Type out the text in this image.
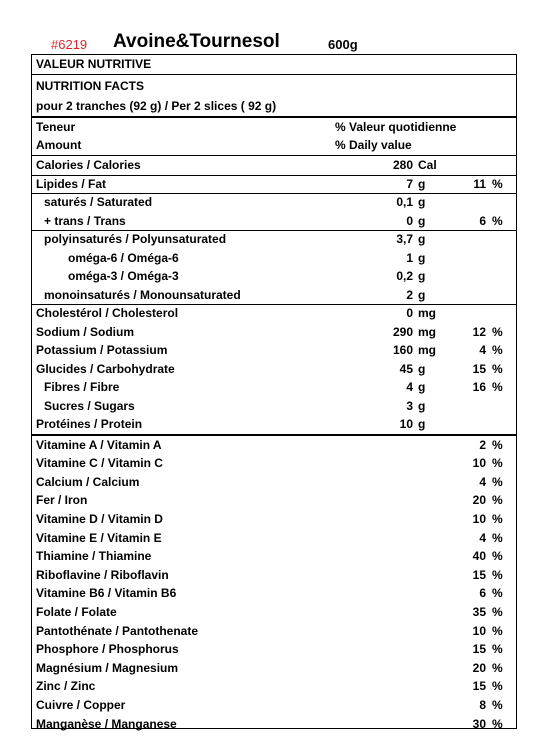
#6219 Avoine&Tournesol	600g
VALEUR NUTRITIVE
NUTRITION FACTS
pour 2 tranches (92 g) / Per 2 slices ( 92 g)
Teneur	% Valeur quotidienne
Amount	% Daily value
Calories / Calories	280 Cal
Lipides / Fat	7 g	11 %
saturés / Saturated	0,1 g
+ trans / Trans	0 g	6 %
polyinsaturés / Polyunsaturated	3,7 g
oméga-6 / Oméga-6	1 g
oméga-3 / Oméga-3	0,2 g
monoinsaturés / Monounsaturated	2 g
Cholestérol / Cholesterol	0 mg
Sodium / Sodium	290 mg	12 %
Potassium / Potassium	160 mg	4 %
Glucides / Carbohydrate	45 g	15 %
Fibres / Fibre	4 g	16 %
Sucres / Sugars	3 g
Protéines / Protein	10 g
Vitamine A / Vitamin A	2 %
Vitamine C / Vitamin C	10 %
Calcium / Calcium	4 %
Fer / Iron	20 %
Vitamine D / Vitamin D	10 %
Vitamine E / Vitamin E	4 %
Thiamine / Thiamine	40 %
Riboflavine / Riboflavin	15 %
Vitamine B6 / Vitamin B6	6 %
Folate / Folate	35 %
Pantothénate / Pantothenate	10 %
Phosphore / Phosphorus	15 %
Magnésium / Magnesium	20 %
Zinc / Zinc	15 %
Cuivre / Copper	8 %
Manganèse / Manganese	30 %
